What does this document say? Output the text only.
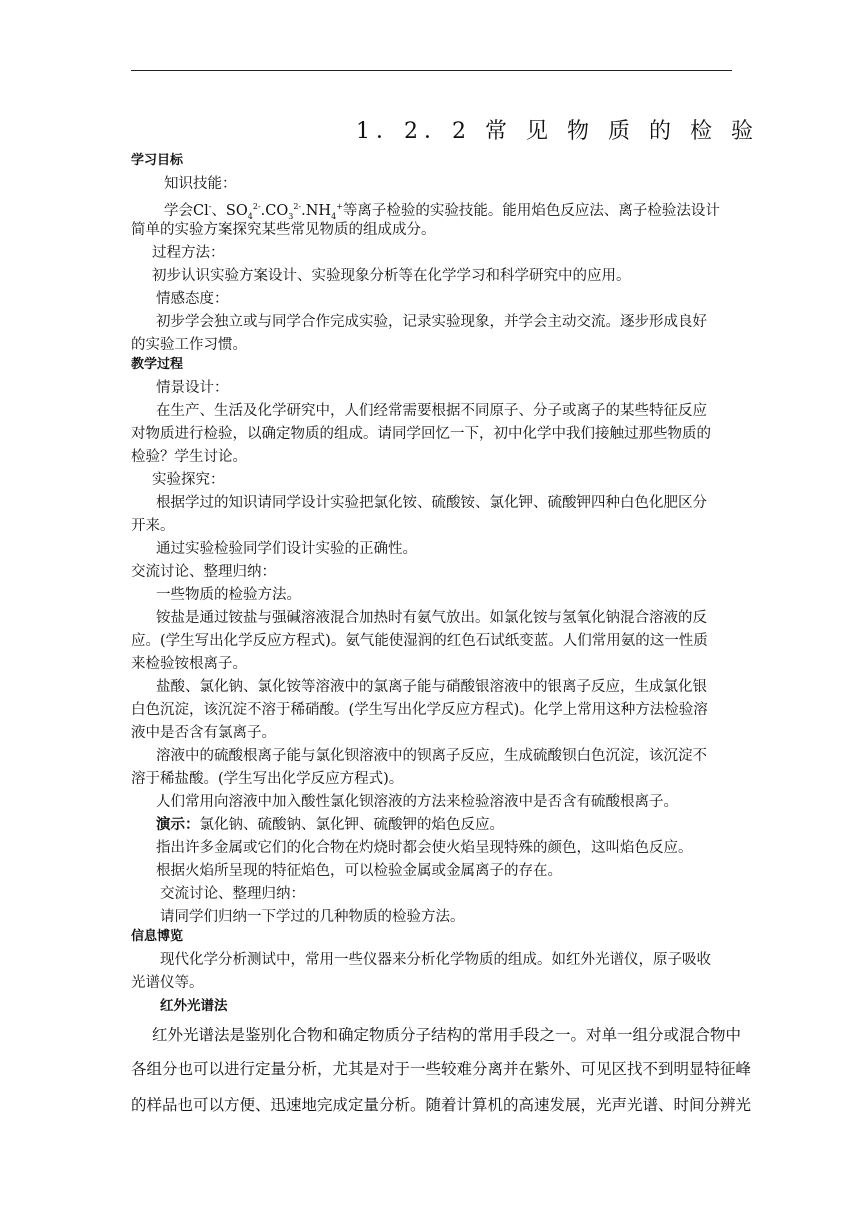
1．2．2 常 见 物 质 的 检 验
学习目标
知识技能：
学会Cl-、$SO_4^{2-}.CO_3^{2-}.NH_4^+$等离子检验的实验技能。能用焰色反应法、离子检验法设计
简单的实验方案探究某些常见物质的组成成分。
过程方法：
初步认识实验方案设计、实验现象分析等在化学学习和科学研究中的应用。
情感态度：
初步学会独立或与同学合作完成实验，记录实验现象，并学会主动交流。逐步形成良好
的实验工作习惯。
教学过程
情景设计：
在生产、生活及化学研究中，人们经常需要根据不同原子、分子或离子的某些特征反应
对物质进行检验，以确定物质的组成。请同学回忆一下，初中化学中我们接触过那些物质的
检验？学生讨论。
实验探究：
根据学过的知识请同学设计实验把氯化铵、硫酸铵、氯化钾、硫酸钾四种白色化肥区分
开来。
通过实验检验同学们设计实验的正确性。
交流讨论、整理归纳：
一些物质的检验方法。
铵盐是通过铵盐与强碱溶液混合加热时有氨气放出。如氯化铵与氢氧化钠混合溶液的反
应。(学生写出化学反应方程式)。氨气能使湿润的红色石试纸变蓝。人们常用氨的这一性质
来检验铵根离子。
盐酸、氯化钠、氯化铵等溶液中的氯离子能与硝酸银溶液中的银离子反应，生成氯化银
白色沉淀，该沉淀不溶于稀硝酸。(学生写出化学反应方程式)。化学上常用这种方法检验溶
液中是否含有氯离子。
溶液中的硫酸根离子能与氯化钡溶液中的钡离子反应，生成硫酸钡白色沉淀，该沉淀不
溶于稀盐酸。(学生写出化学反应方程式)。
人们常用向溶液中加入酸性氯化钡溶液的方法来检验溶液中是否含有硫酸根离子。
演示：氯化钠、硫酸钠、氯化钾、硫酸钾的焰色反应。
指出许多金属或它们的化合物在灼烧时都会使火焰呈现特殊的颜色，这叫焰色反应。
根据火焰所呈现的特征焰色，可以检验金属或金属离子的存在。
交流讨论、整理归纳：
请同学们归纳一下学过的几种物质的检验方法。
信息博览
现代化学分析测试中，常用一些仪器来分析化学物质的组成。如红外光谱仪，原子吸收
光谱仪等。
红外光谱法
红外光谱法是鉴别化合物和确定物质分子结构的常用手段之一。对单一组分或混合物中
各组分也可以进行定量分析，尤其是对于一些较难分离并在紫外、可见区找不到明显特征峰
的样品也可以方便、迅速地完成定量分析。随着计算机的高速发展，光声光谱、时间分辨光
